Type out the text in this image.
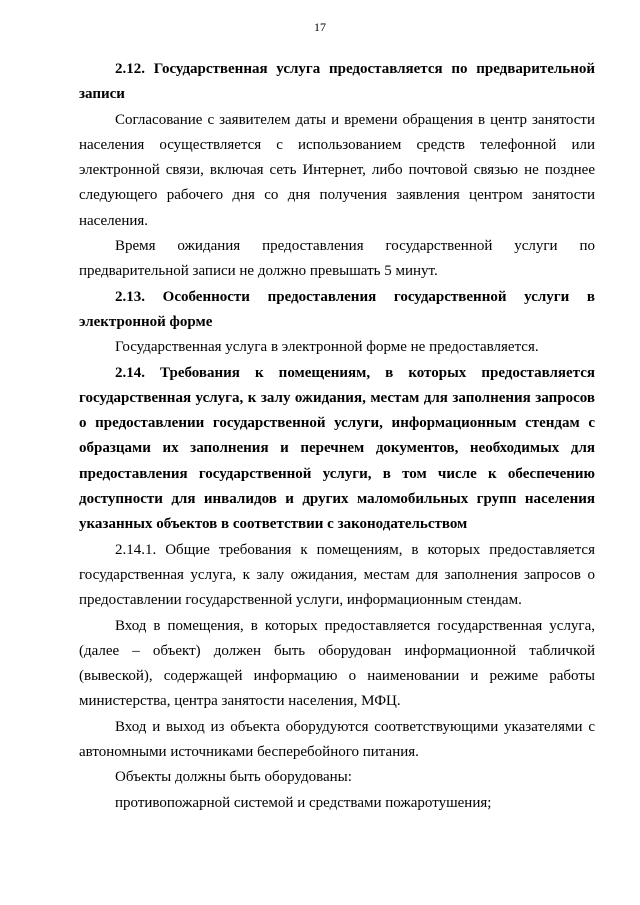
17

2.12. Государственная услуга предоставляется по предварительной записи

Согласование с заявителем даты и времени обращения в центр занятости населения осуществляется с использованием средств телефонной или электронной связи, включая сеть Интернет, либо почтовой связью не позднее следующего рабочего дня со дня получения заявления центром занятости населения.

Время ожидания предоставления государственной услуги по предварительной записи не должно превышать 5 минут.

2.13. Особенности предоставления государственной услуги в электронной форме

Государственная услуга в электронной форме не предоставляется.

2.14. Требования к помещениям, в которых предоставляется государственная услуга, к залу ожидания, местам для заполнения запросов о предоставлении государственной услуги, информационным стендам с образцами их заполнения и перечнем документов, необходимых для предоставления государственной услуги, в том числе к обеспечению доступности для инвалидов и других маломобильных групп населения указанных объектов в соответствии с законодательством

2.14.1. Общие требования к помещениям, в которых предоставляется государственная услуга, к залу ожидания, местам для заполнения запросов о предоставлении государственной услуги, информационным стендам.

Вход в помещения, в которых предоставляется государственная услуга, (далее – объект) должен быть оборудован информационной табличкой (вывеской), содержащей информацию о наименовании и режиме работы министерства, центра занятости населения, МФЦ.

Вход и выход из объекта оборудуются соответствующими указателями с автономными источниками бесперебойного питания.

Объекты должны быть оборудованы:

противопожарной системой и средствами пожаротушения;
